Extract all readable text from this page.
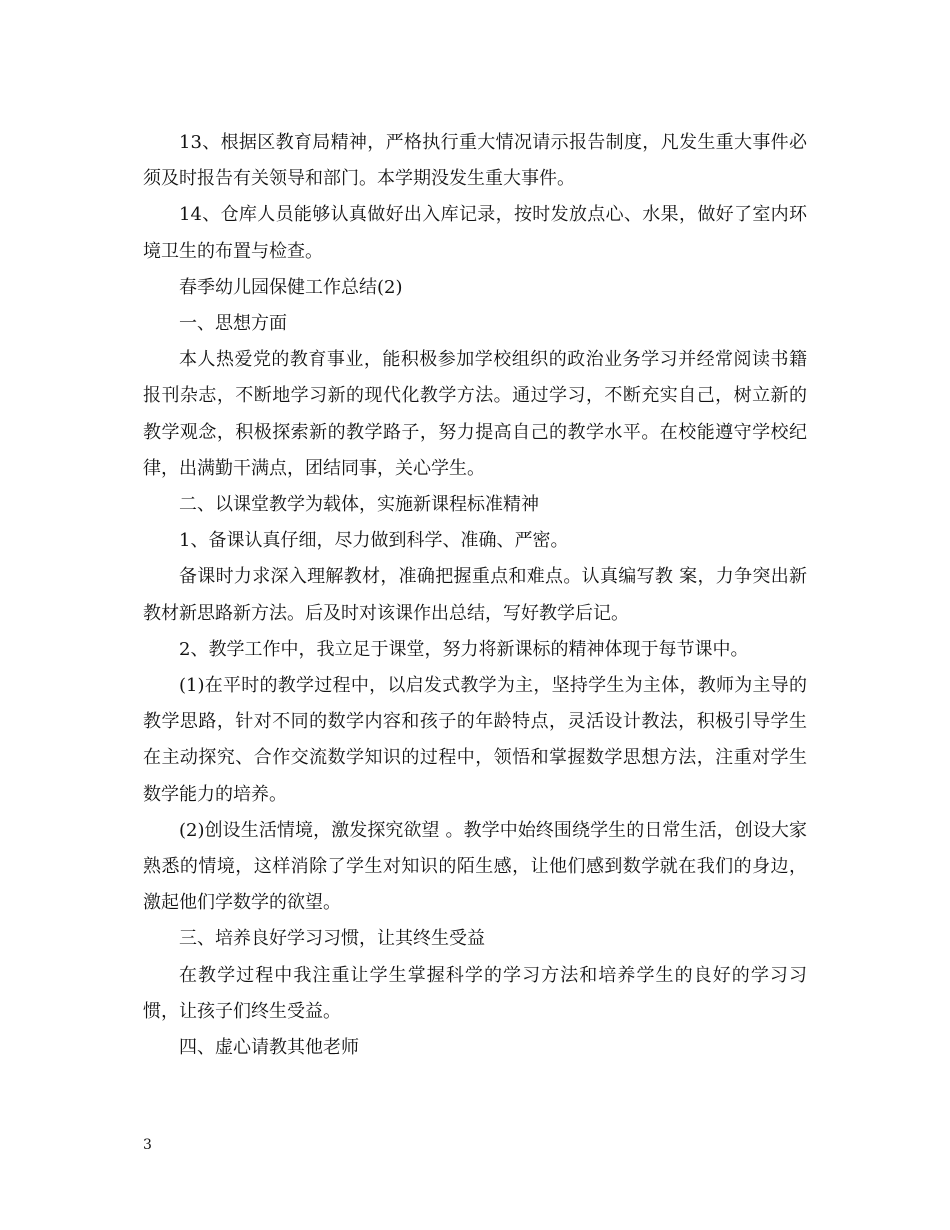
13、根据区教育局精神，严格执行重大情况请示报告制度，凡发生重大事件必须及时报告有关领导和部门。本学期没发生重大事件。

14、仓库人员能够认真做好出入库记录，按时发放点心、水果，做好了室内环境卫生的布置与检查。

春季幼儿园保健工作总结(2)

一、思想方面

本人热爱党的教育事业，能积极参加学校组织的政治业务学习并经常阅读书籍报刊杂志，不断地学习新的现代化教学方法。通过学习，不断充实自己，树立新的教学观念，积极探索新的教学路子，努力提高自己的教学水平。在校能遵守学校纪律，出满勤干满点，团结同事，关心学生。

二、以课堂教学为载体，实施新课程标准精神

1、备课认真仔细，尽力做到科学、准确、严密。

备课时力求深入理解教材，准确把握重点和难点。认真编写教 案，力争突出新教材新思路新方法。后及时对该课作出总结，写好教学后记。

2、教学工作中，我立足于课堂，努力将新课标的精神体现于每节课中。

(1)在平时的教学过程中，以启发式教学为主，坚持学生为主体，教师为主导的教学思路，针对不同的数学内容和孩子的年龄特点，灵活设计教法，积极引导学生在主动探究、合作交流数学知识的过程中，领悟和掌握数学思想方法，注重对学生数学能力的培养。

(2)创设生活情境，激发探究欲望 。教学中始终围绕学生的日常生活，创设大家熟悉的情境，这样消除了学生对知识的陌生感，让他们感到数学就在我们的身边，激起他们学数学的欲望。

三、培养良好学习习惯，让其终生受益

在教学过程中我注重让学生掌握科学的学习方法和培养学生的良好的学习习惯，让孩子们终生受益。

四、虚心请教其他老师

3
